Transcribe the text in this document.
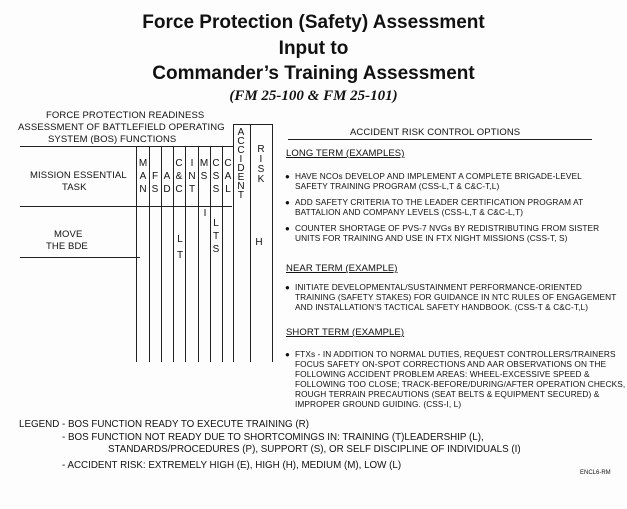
Force Protection (Safety) Assessment
Input to
Commander’s Training Assessment
(FM 25-100 & FM 25-101)
FORCE PROTECTION READINESS
ASSESSMENT OF BATTLEFIELD OPERATING
SYSTEM (BOS) FUNCTIONS
MISSION ESSENTIAL
TASK
M
A
N
F
S
A
D
C
&
C
I
N
T
M
S
C
S
S
C
A
L
A
C
C
I
D
E
N
T
R
I
S
K
MOVE
THE BDE
L
T
I
L
T
S
H
ACCIDENT RISK CONTROL OPTIONS
LONG TERM (EXAMPLES)
● HAVE NCOs DEVELOP AND IMPLEMENT A COMPLETE BRIGADE-LEVEL
SAFETY TRAINING PROGRAM (CSS-L,T & C&C-T,L)
● ADD SAFETY CRITERIA TO THE LEADER CERTIFICATION PROGRAM AT
BATTALION AND COMPANY LEVELS (CSS-L,T & C&C-L,T)
● COUNTER SHORTAGE OF PVS-7 NVGs BY REDISTRIBUTING FROM SISTER
UNITS FOR TRAINING AND USE IN FTX NIGHT MISSIONS (CSS-T, S)
NEAR TERM (EXAMPLE)
● INITIATE DEVELOPMENTAL/SUSTAINMENT PERFORMANCE-ORIENTED
TRAINING (SAFETY STAKES) FOR GUIDANCE IN NTC RULES OF ENGAGEMENT
AND INSTALLATION’S TACTICAL SAFETY HANDBOOK. (CSS-T & C&C-T,L)
SHORT TERM (EXAMPLE)
● FTXs - IN ADDITION TO NORMAL DUTIES, REQUEST CONTROLLERS/TRAINERS
FOCUS SAFETY ON-SPOT CORRECTIONS AND AAR OBSERVATIONS ON THE
FOLLOWING ACCIDENT PROBLEM AREAS: WHEEL-EXCESSIVE SPEED &
FOLLOWING TOO CLOSE; TRACK-BEFORE/DURING/AFTER OPERATION CHECKS,
ROUGH TERRAIN PRECAUTIONS (SEAT BELTS & EQUIPMENT SECURED) &
IMPROPER GROUND GUIDING. (CSS-I, L)
LEGEND - BOS FUNCTION READY TO EXECUTE TRAINING (R)
- BOS FUNCTION NOT READY DUE TO SHORTCOMINGS IN: TRAINING (T)LEADERSHIP (L),
STANDARDS/PROCEDURES (P), SUPPORT (S), OR SELF DISCIPLINE OF INDIVIDUALS (I)
- ACCIDENT RISK: EXTREMELY HIGH (E), HIGH (H), MEDIUM (M), LOW (L)
ENCL6-RM
